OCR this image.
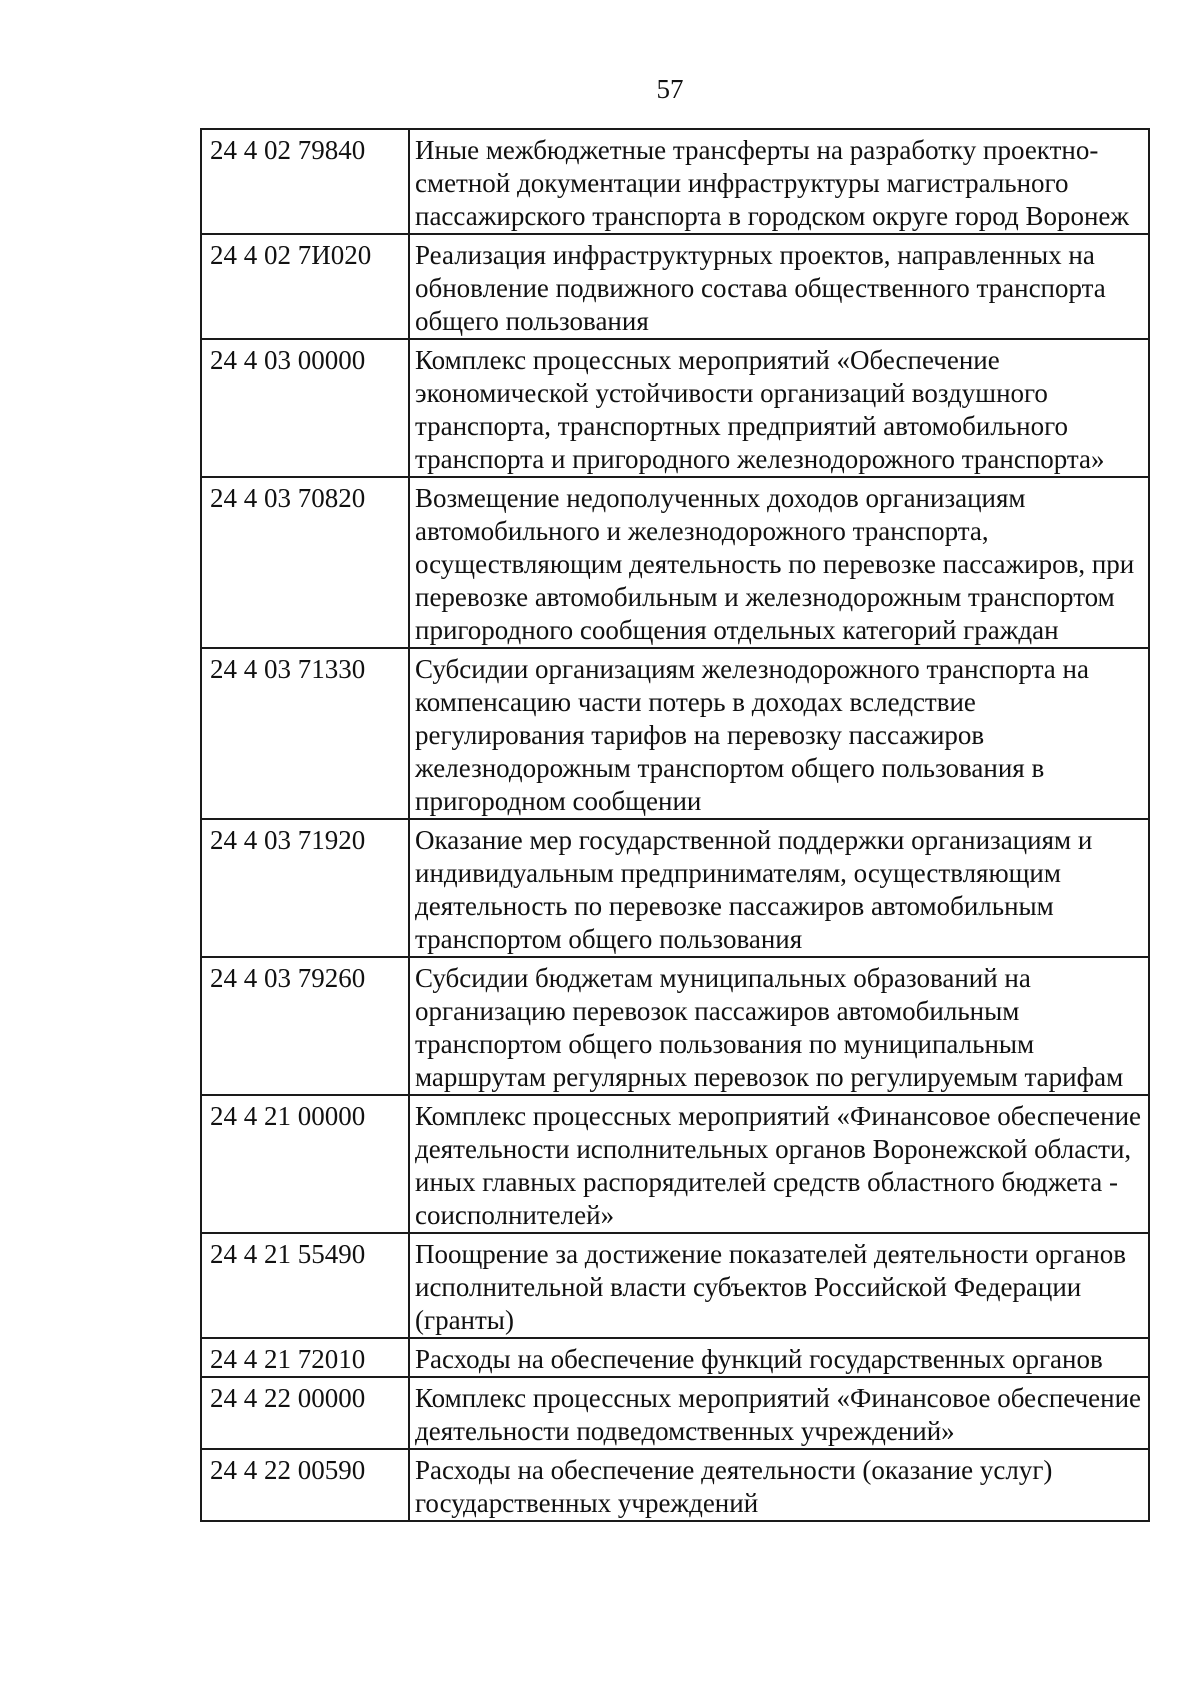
57
24 4 02 79840	Иные межбюджетные трансферты на разработку проектно-сметной документации инфраструктуры магистрального пассажирского транспорта в городском округе город Воронеж
24 4 02 7И020	Реализация инфраструктурных проектов, направленных на обновление подвижного состава общественного транспорта общего пользования
24 4 03 00000	Комплекс процессных мероприятий «Обеспечение экономической устойчивости организаций воздушного транспорта, транспортных предприятий автомобильного транспорта и пригородного железнодорожного транспорта»
24 4 03 70820	Возмещение недополученных доходов организациям автомобильного и железнодорожного транспорта, осуществляющим деятельность по перевозке пассажиров, при перевозке автомобильным и железнодорожным транспортом пригородного сообщения отдельных категорий граждан
24 4 03 71330	Субсидии организациям железнодорожного транспорта на компенсацию части потерь в доходах вследствие регулирования тарифов на перевозку пассажиров железнодорожным транспортом общего пользования в пригородном сообщении
24 4 03 71920	Оказание мер государственной поддержки организациям и индивидуальным предпринимателям, осуществляющим деятельность по перевозке пассажиров автомобильным транспортом общего пользования
24 4 03 79260	Субсидии бюджетам муниципальных образований на организацию перевозок пассажиров автомобильным транспортом общего пользования по муниципальным маршрутам регулярных перевозок по регулируемым тарифам
24 4 21 00000	Комплекс процессных мероприятий «Финансовое обеспечение деятельности исполнительных органов Воронежской области, иных главных распорядителей средств областного бюджета - соисполнителей»
24 4 21 55490	Поощрение за достижение показателей деятельности органов исполнительной власти субъектов Российской Федерации (гранты)
24 4 21 72010	Расходы на обеспечение функций государственных органов
24 4 22 00000	Комплекс процессных мероприятий «Финансовое обеспечение деятельности подведомственных учреждений»
24 4 22 00590	Расходы на обеспечение деятельности (оказание услуг) государственных учреждений
